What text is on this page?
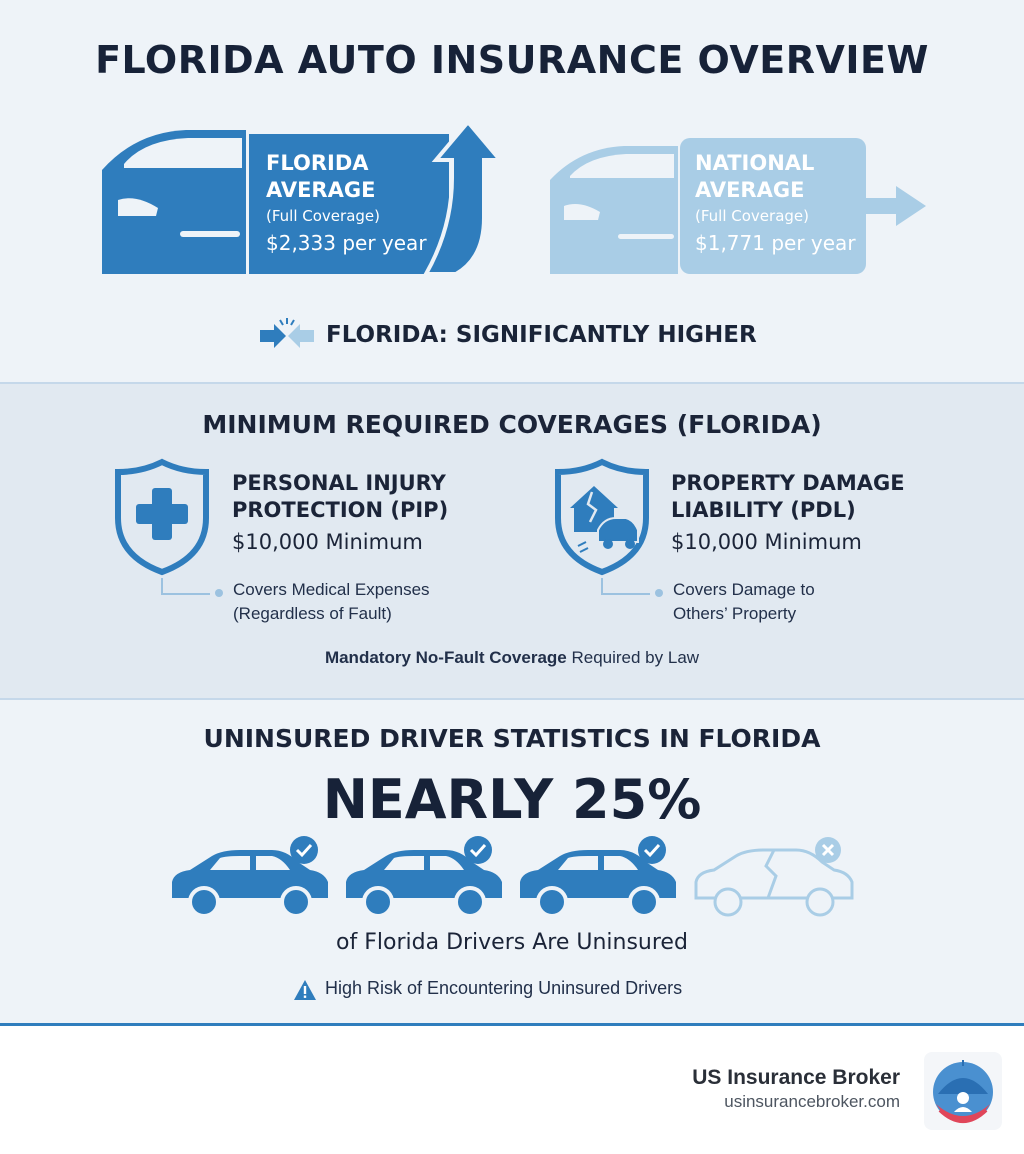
FLORIDA AUTO INSURANCE OVERVIEW
FLORIDA
AVERAGE
(Full Coverage)
$2,333 per year
NATIONAL
AVERAGE
(Full Coverage)
$1,771 per year
FLORIDA: SIGNIFICANTLY HIGHER
MINIMUM REQUIRED COVERAGES (FLORIDA)
PERSONAL INJURY
PROTECTION (PIP)
$10,000 Minimum
Covers Medical Expenses
(Regardless of Fault)
PROPERTY DAMAGE
LIABILITY (PDL)
$10,000 Minimum
Covers Damage to
Others’ Property
Mandatory No-Fault Coverage Required by Law
UNINSURED DRIVER STATISTICS IN FLORIDA
NEARLY 25%
of Florida Drivers Are Uninsured
High Risk of Encountering Uninsured Drivers
US Insurance Broker
usinsurancebroker.com
